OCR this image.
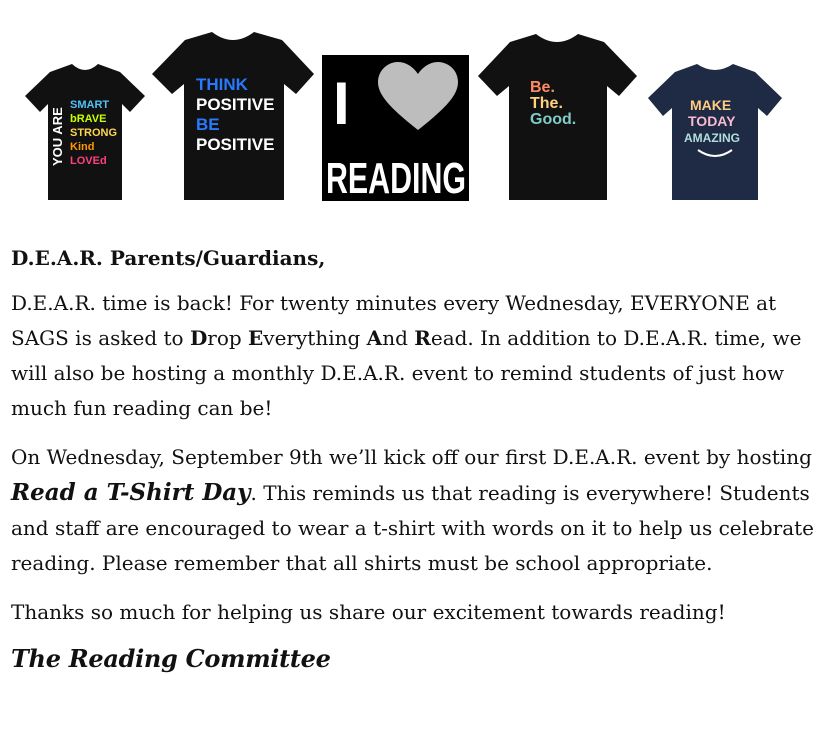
YOU ARE
SMART
bRAVE
STRONG
Kind
LOVEd
THINK
POSITIVE
BE
POSITIVE
I
READING
Be.
The.
Good.
MAKE
TODAY
AMAZING

D.E.A.R. Parents/Guardians,

D.E.A.R. time is back! For twenty minutes every Wednesday, EVERYONE at SAGS is asked to Drop Everything And Read. In addition to D.E.A.R. time, we will also be hosting a monthly D.E.A.R. event to remind students of just how much fun reading can be!

On Wednesday, September 9th we’ll kick off our first D.E.A.R. event by hosting Read a T-Shirt Day. This reminds us that reading is everywhere! Students and staff are encouraged to wear a t-shirt with words on it to help us celebrate reading. Please remember that all shirts must be school appropriate.

Thanks so much for helping us share our excitement towards reading!

The Reading Committee
